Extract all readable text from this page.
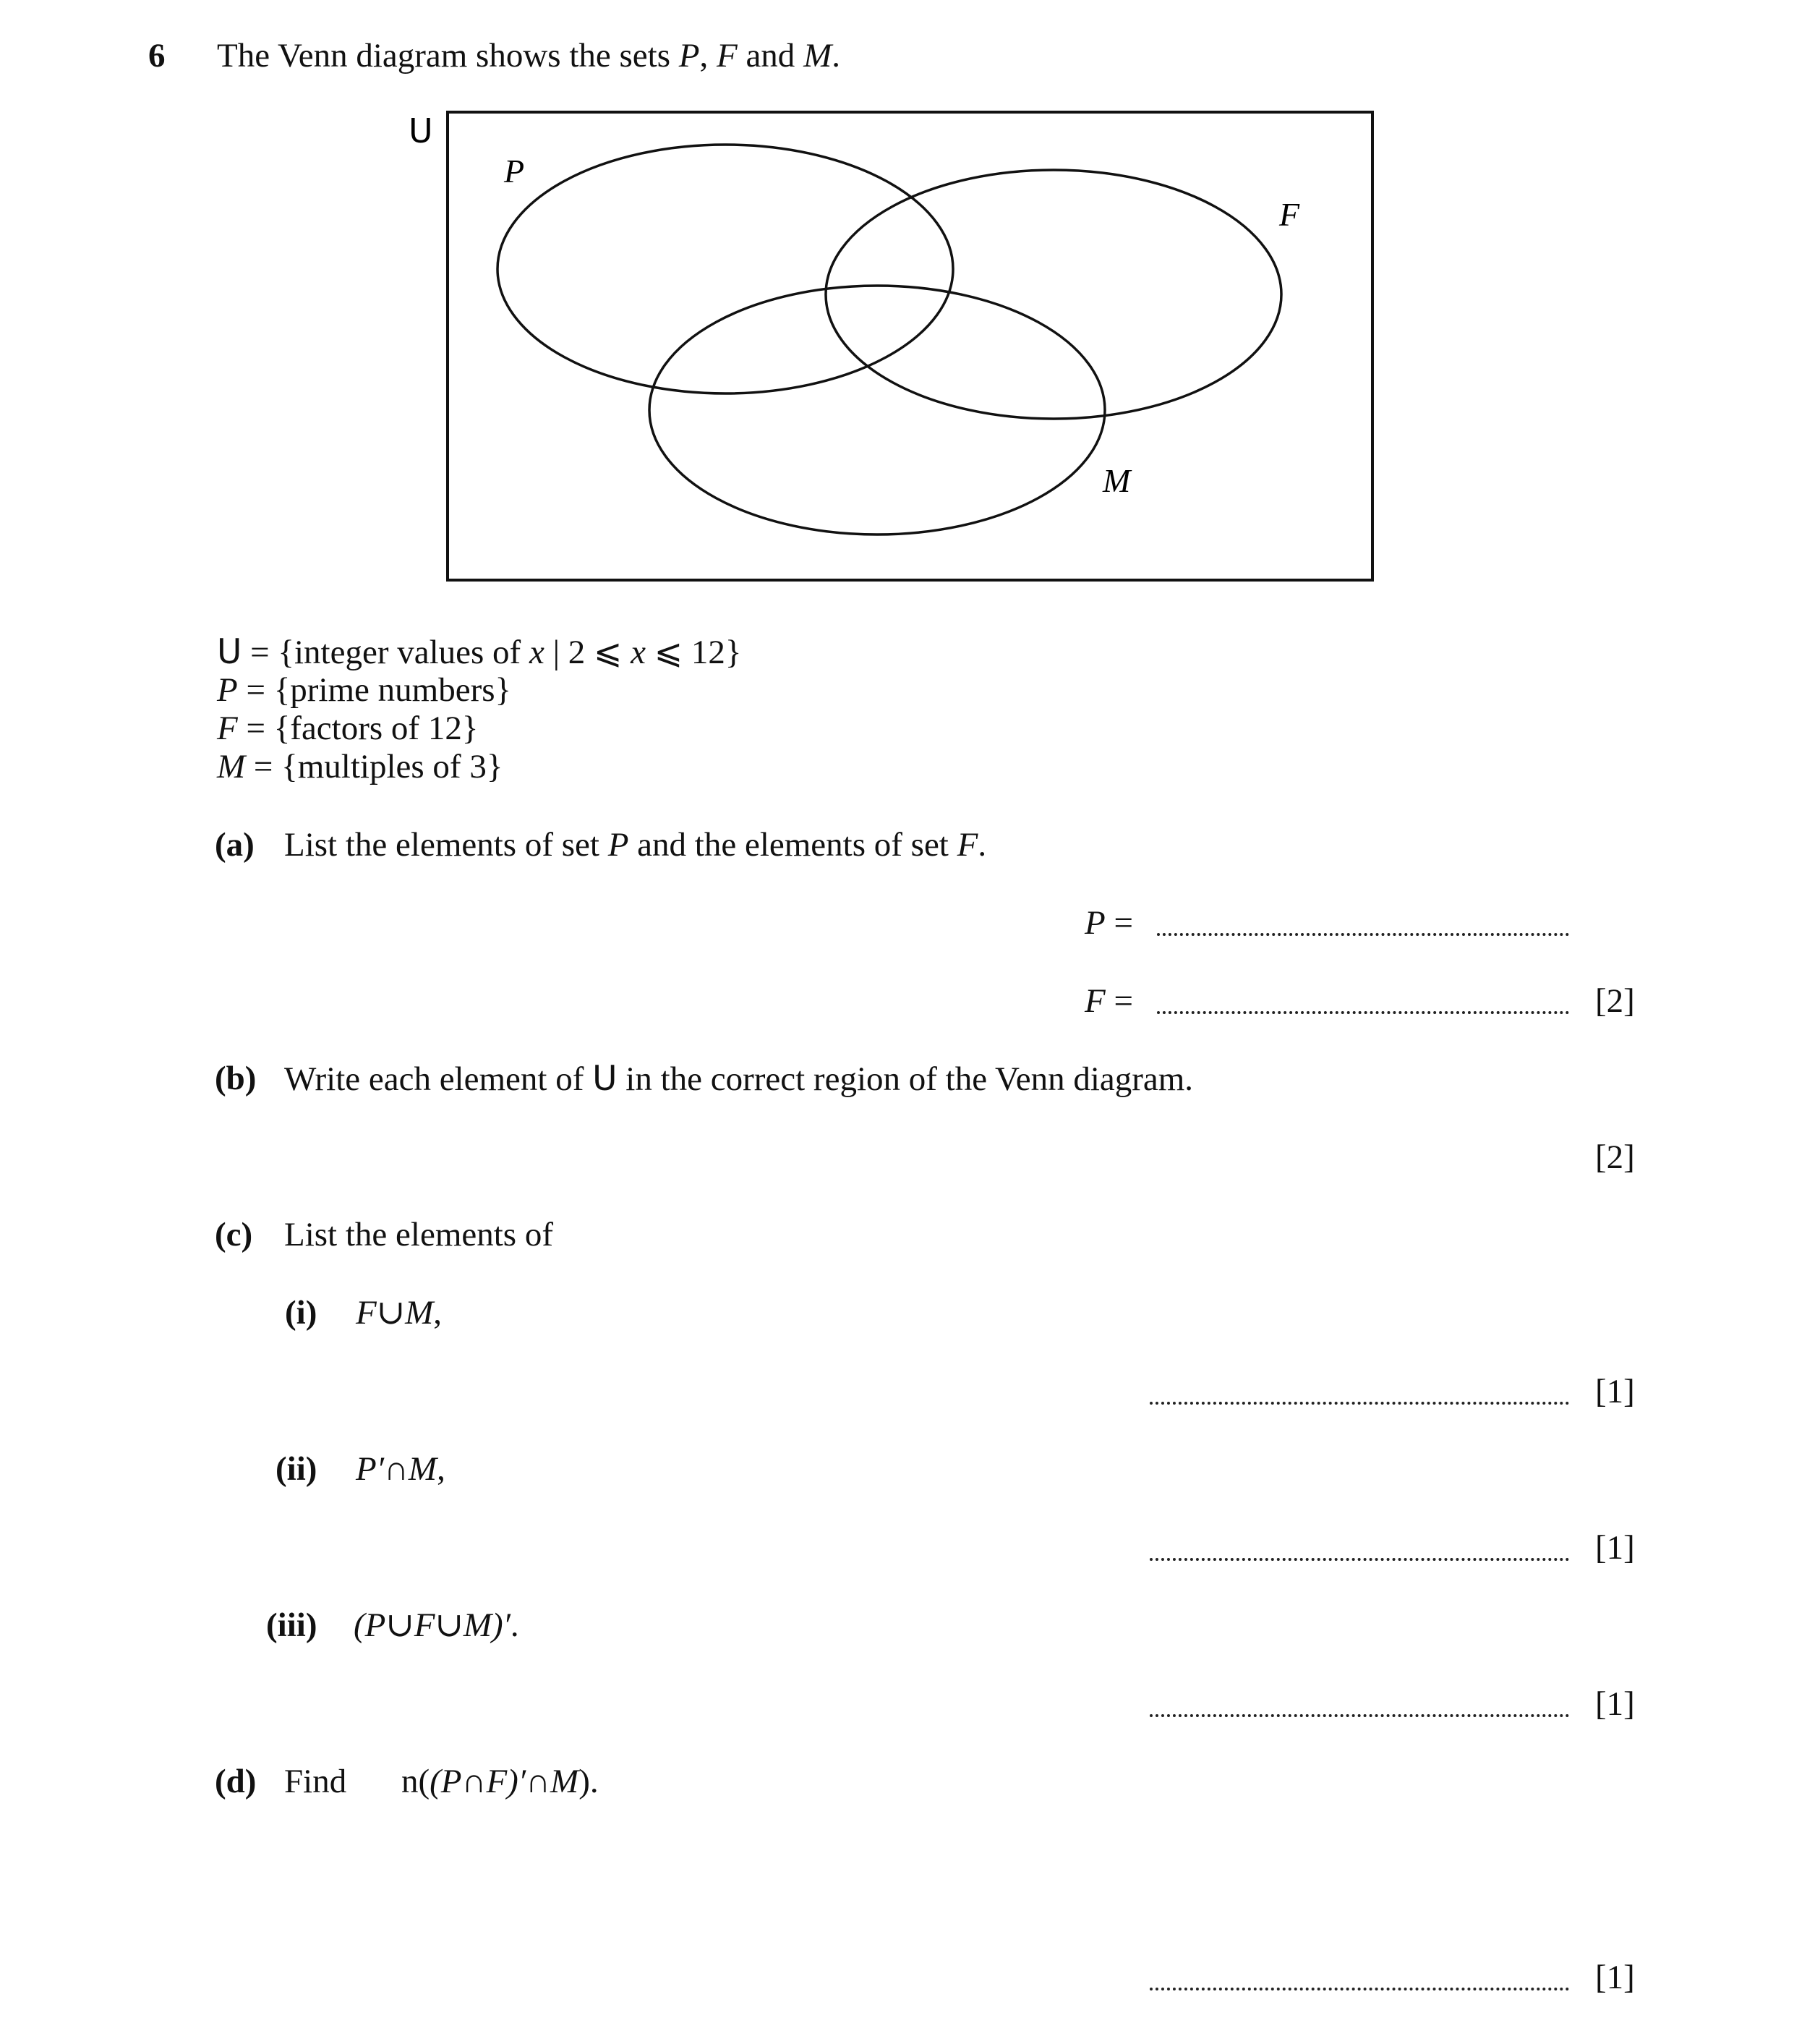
6 The Venn diagram shows the sets P, F and M.
U
P
F
M
U = {integer values of x | 2 ⩽ x ⩽ 12}
P = {prime numbers}
F = {factors of 12}
M = {multiples of 3}
(a) List the elements of set P and the elements of set F.
P =
F =	[2]
(b) Write each element of U in the correct region of the Venn diagram.
[2]
(c) List the elements of
(i) F∪M,
[1]
(ii) P′∩M,
[1]
(iii) (P∪F∪M)′.
[1]
(d) Find n((P∩F)′∩M).
[1]
